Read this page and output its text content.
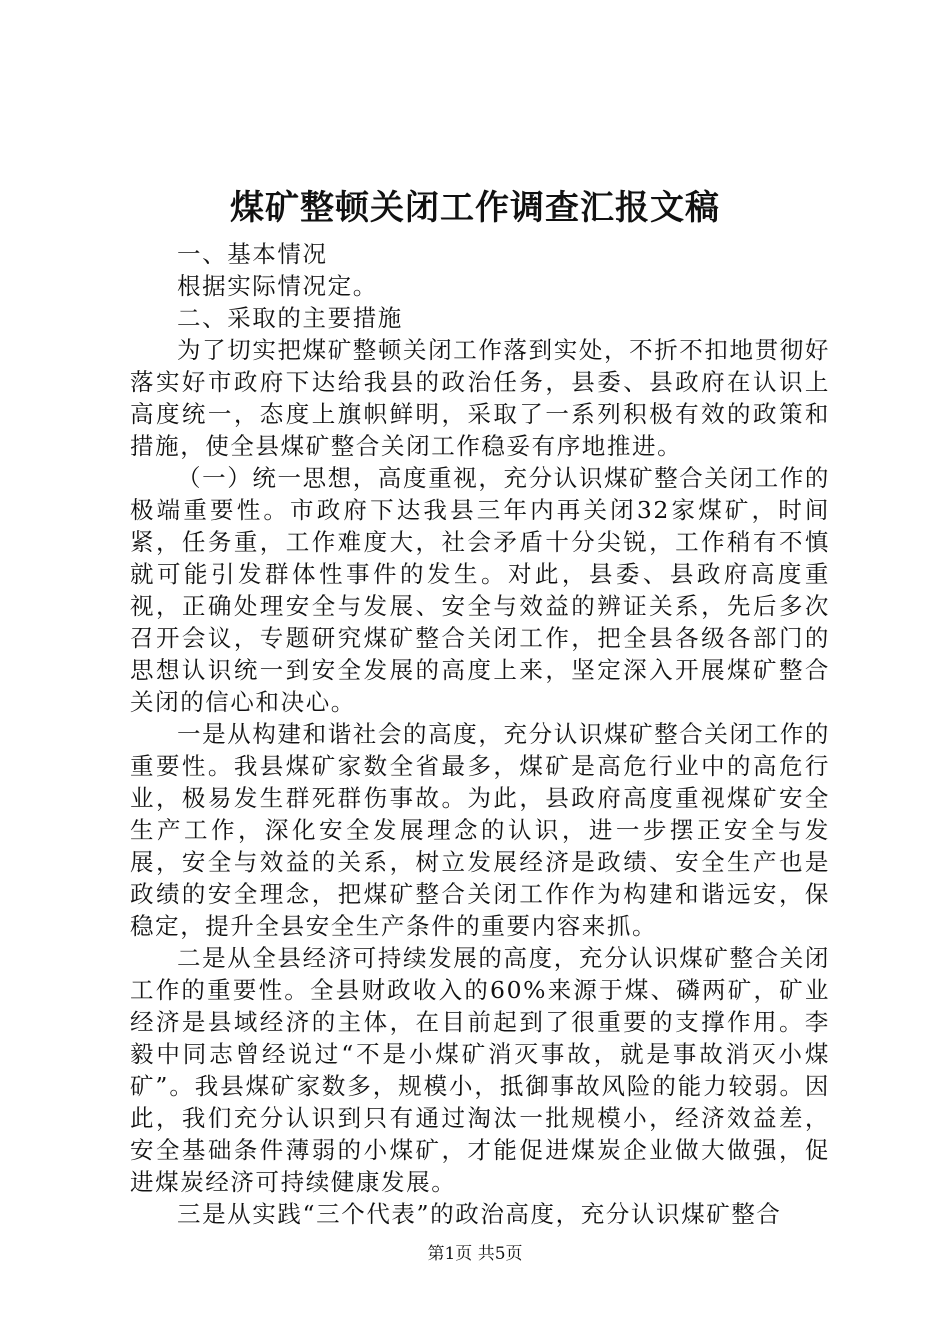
煤矿整顿关闭工作调查汇报文稿

一、基本情况

根据实际情况定。

二、采取的主要措施

为了切实把煤矿整顿关闭工作落到实处，不折不扣地贯彻好落实好市政府下达给我县的政治任务，县委、县政府在认识上高度统一，态度上旗帜鲜明，采取了一系列积极有效的政策和措施，使全县煤矿整合关闭工作稳妥有序地推进。

（一）统一思想，高度重视，充分认识煤矿整合关闭工作的极端重要性。市政府下达我县三年内再关闭32家煤矿，时间紧，任务重，工作难度大，社会矛盾十分尖锐，工作稍有不慎就可能引发群体性事件的发生。对此，县委、县政府高度重视，正确处理安全与发展、安全与效益的辨证关系，先后多次召开会议，专题研究煤矿整合关闭工作，把全县各级各部门的思想认识统一到安全发展的高度上来，坚定深入开展煤矿整合关闭的信心和决心。

一是从构建和谐社会的高度，充分认识煤矿整合关闭工作的重要性。我县煤矿家数全省最多，煤矿是高危行业中的高危行业，极易发生群死群伤事故。为此，县政府高度重视煤矿安全生产工作，深化安全发展理念的认识，进一步摆正安全与发展，安全与效益的关系，树立发展经济是政绩、安全生产也是政绩的安全理念，把煤矿整合关闭工作作为构建和谐远安，保稳定，提升全县安全生产条件的重要内容来抓。

二是从全县经济可持续发展的高度，充分认识煤矿整合关闭工作的重要性。全县财政收入的60%来源于煤、磷两矿，矿业经济是县域经济的主体，在目前起到了很重要的支撑作用。李毅中同志曾经说过“不是小煤矿消灭事故，就是事故消灭小煤矿”。我县煤矿家数多，规模小，抵御事故风险的能力较弱。因此，我们充分认识到只有通过淘汰一批规模小，经济效益差，安全基础条件薄弱的小煤矿，才能促进煤炭企业做大做强，促进煤炭经济可持续健康发展。

三是从实践“三个代表”的政治高度，充分认识煤矿整合

第1页 共5页
